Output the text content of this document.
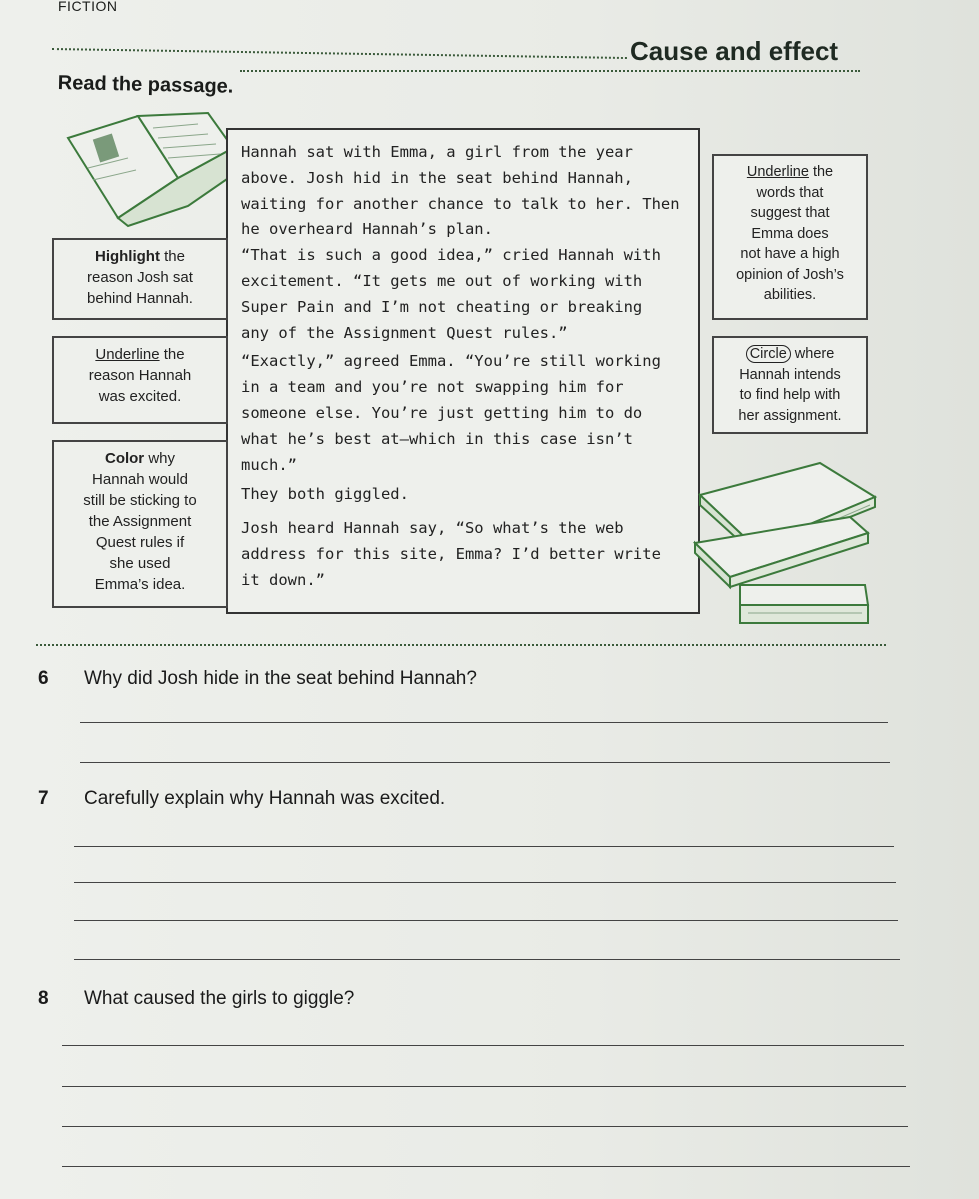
FICTION
Cause and effect
Read the passage.

Hannah sat with Emma, a girl from the year

above. Josh hid in the seat behind Hannah,

waiting for another chance to talk to her. Then

he overheard Hannah’s plan.

“That is such a good idea,” cried Hannah with

excitement. “It gets me out of working with

Super Pain and I’m not cheating or breaking

any of the Assignment Quest rules.”

“Exactly,” agreed Emma. “You’re still working

in a team and you’re not swapping him for

someone else. You’re just getting him to do

what he’s best at—which in this case isn’t

much.”

They both giggled.

Josh heard Hannah say, “So what’s the web

address for this site, Emma? I’d better write

it down.”

Highlight the
reason Josh sat
behind Hannah.
Underline the
reason Hannah
was excited.
Color why
Hannah would
still be sticking to
the Assignment
Quest rules if
she used
Emma’s idea.
Underline the
words that
suggest that
Emma does
not have a high
opinion of Josh’s
abilities.
Circle where
Hannah intends
to find help with
her assignment.
6 Why did Josh hide in the seat behind Hannah?
7 Carefully explain why Hannah was excited.
8 What caused the girls to giggle?
